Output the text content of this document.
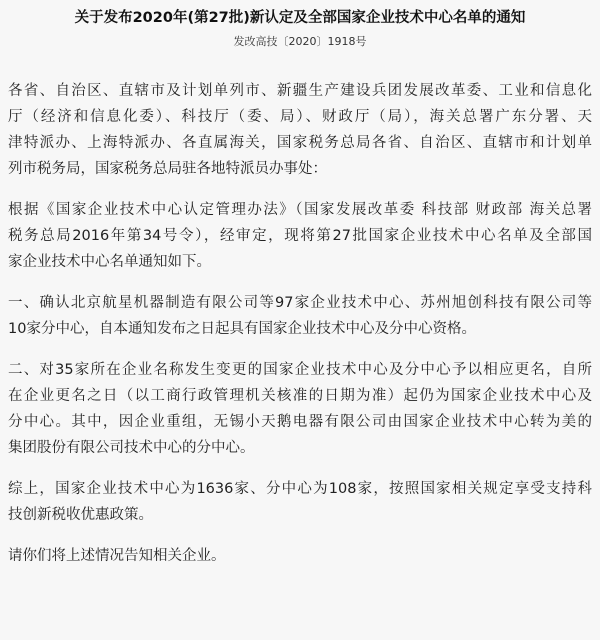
关于发布2020年(第27批)新认定及全部国家企业技术中心名单的通知

发改高技〔2020〕1918号

各省、自治区、直辖市及计划单列市、新疆生产建设兵团发展改革委、工业和信息化
厅（经济和信息化委）、科技厅（委、局）、财政厅（局），海关总署广东分署、天
津特派办、上海特派办、各直属海关，国家税务总局各省、自治区、直辖市和计划单
列市税务局，国家税务总局驻各地特派员办事处：

根据《国家企业技术中心认定管理办法》（国家发展改革委 科技部 财政部 海关总署
税务总局2016年第34号令），经审定，现将第27批国家企业技术中心名单及全部国
家企业技术中心名单通知如下。

一、确认北京航星机器制造有限公司等97家企业技术中心、苏州旭创科技有限公司等
10家分中心，自本通知发布之日起具有国家企业技术中心及分中心资格。

二、对35家所在企业名称发生变更的国家企业技术中心及分中心予以相应更名，自所
在企业更名之日（以工商行政管理机关核准的日期为准）起仍为国家企业技术中心及
分中心。其中，因企业重组，无锡小天鹅电器有限公司由国家企业技术中心转为美的
集团股份有限公司技术中心的分中心。

综上，国家企业技术中心为1636家、分中心为108家，按照国家相关规定享受支持科
技创新税收优惠政策。

请你们将上述情况告知相关企业。
